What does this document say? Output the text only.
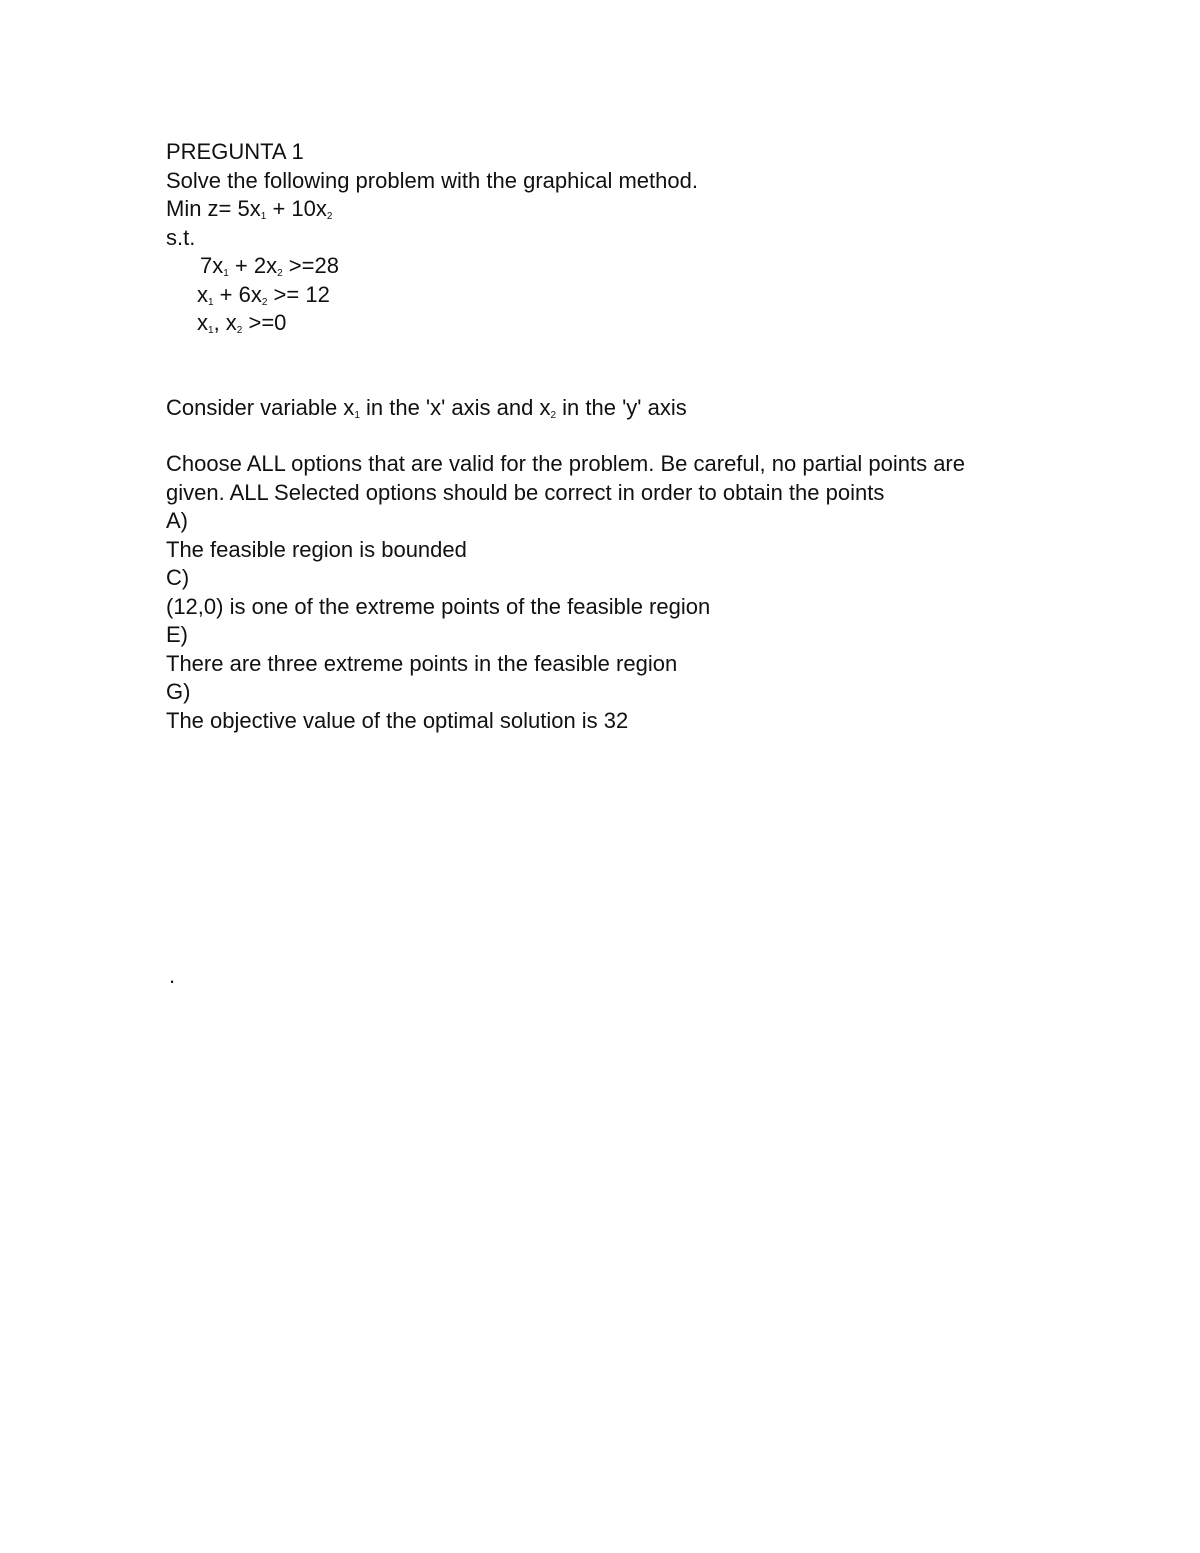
PREGUNTA 1
Solve the following problem with the graphical method.
Min $z= 5x_1 + 10x_2$
s.t.
$7x_1 + 2x_2 >=28$
$x_1 + 6x_2 >= 12$
$x_1$, $x_2 >=0$
Consider variable $x_1$ in the 'x' axis and $x_2$ in the 'y' axis
Choose ALL options that are valid for the problem. Be careful, no partial points are
given. ALL Selected options should be correct in order to obtain the points
A)
The feasible region is bounded
C)
(12,0) is one of the extreme points of the feasible region
E)
There are three extreme points in the feasible region
G)
The objective value of the optimal solution is 32
.
